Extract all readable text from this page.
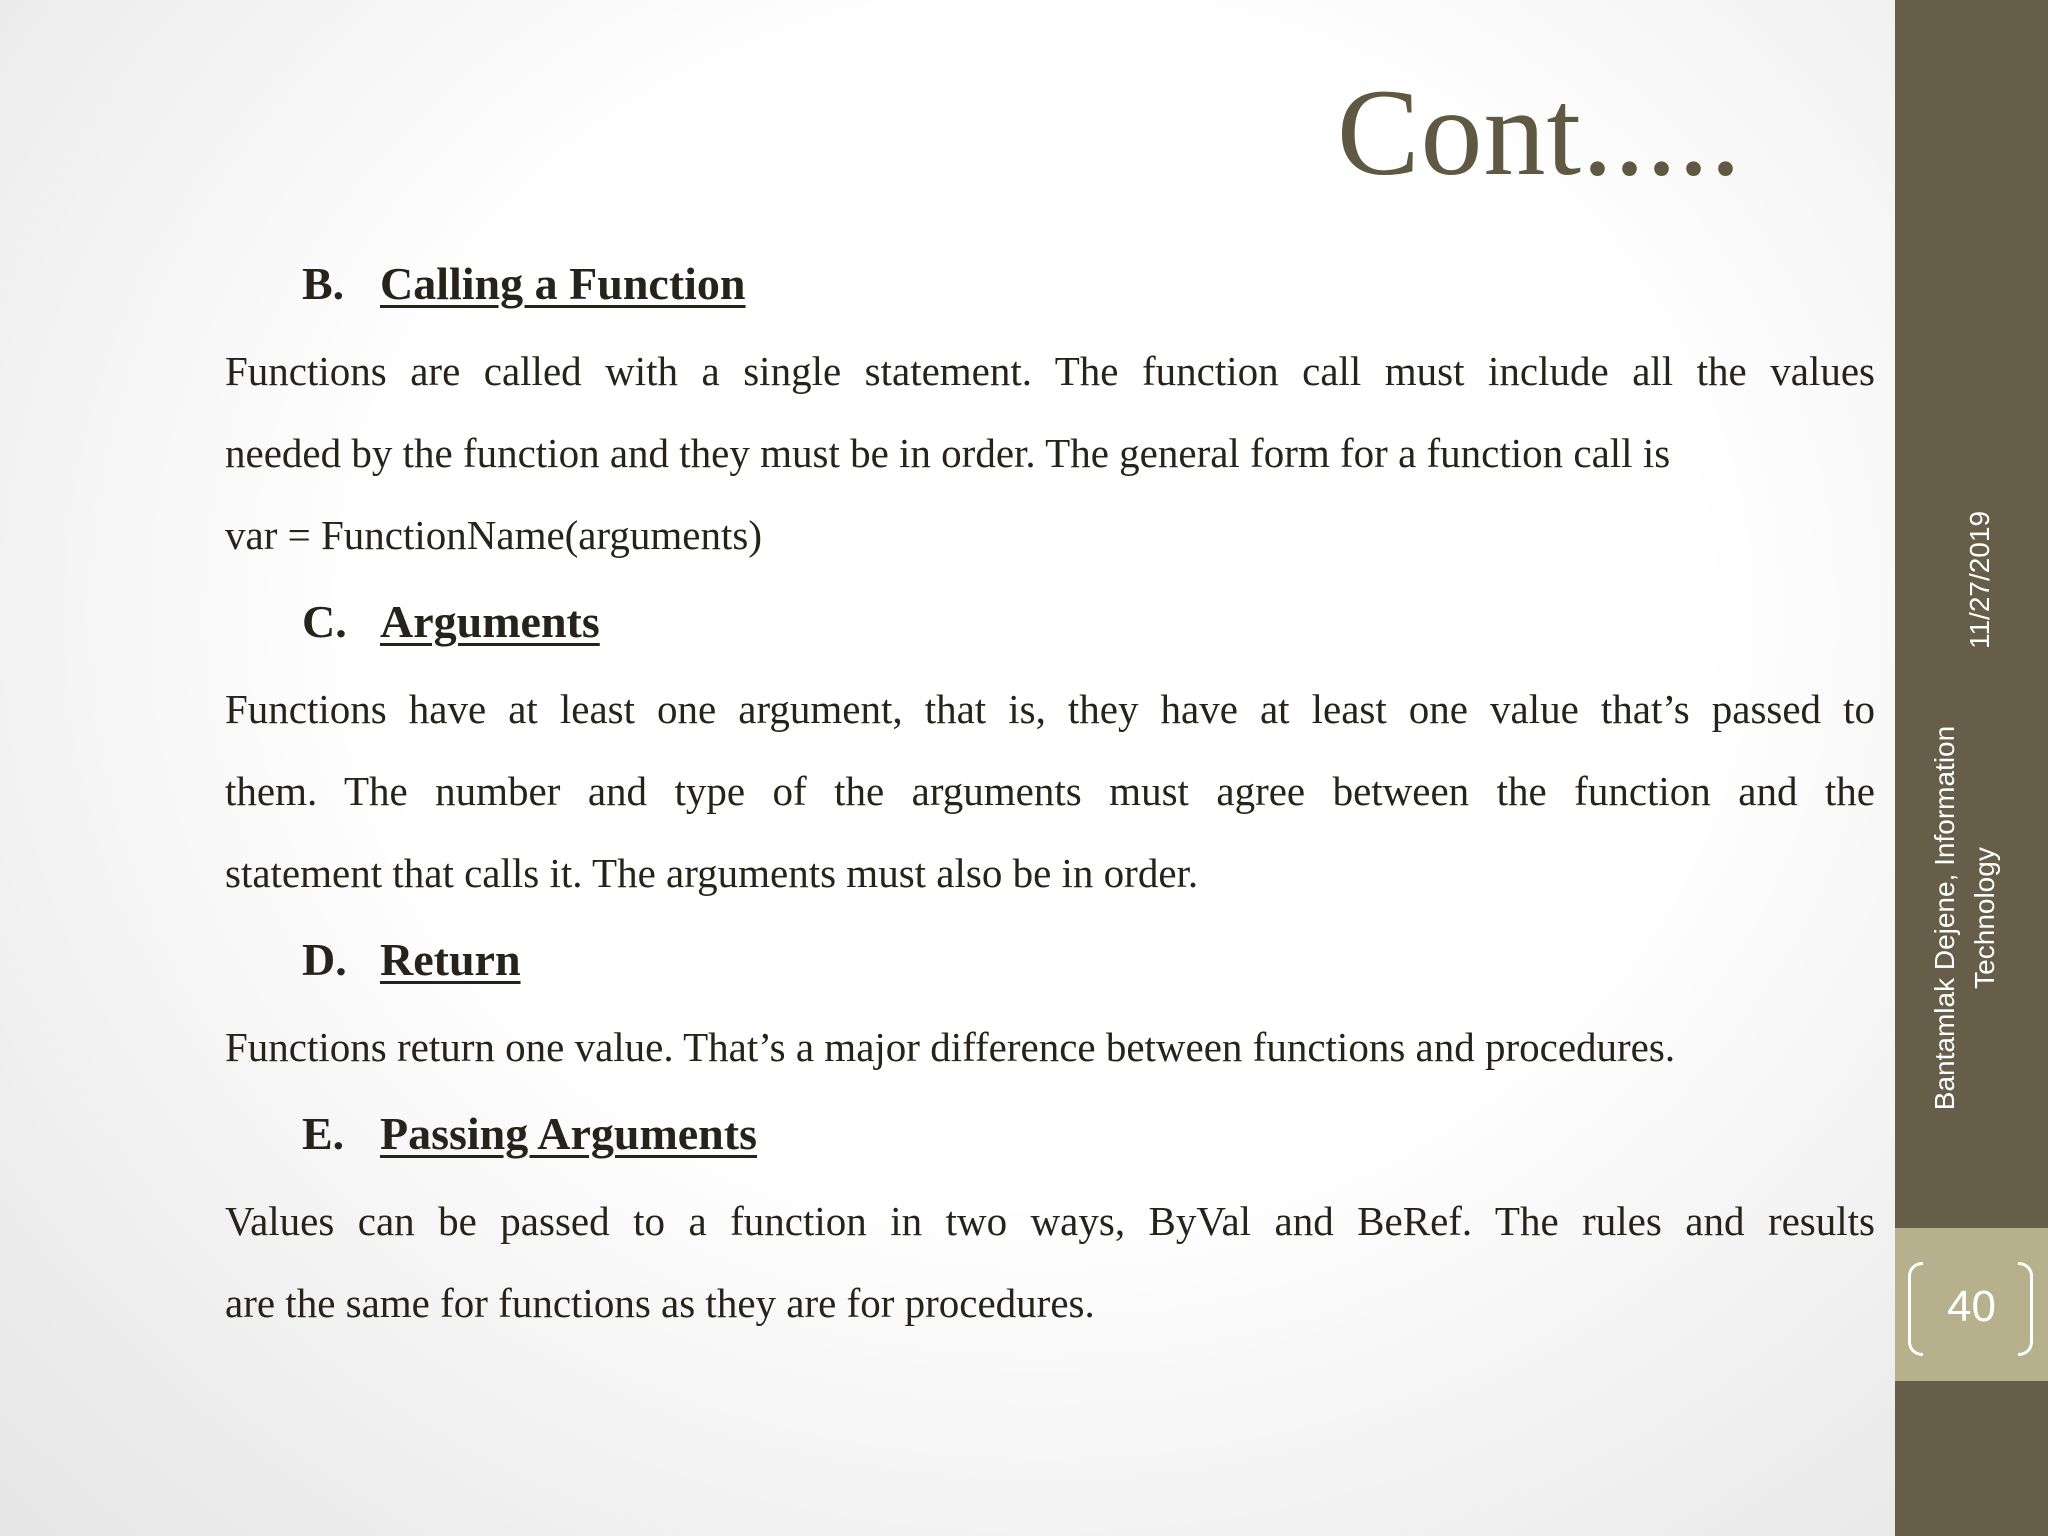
Cont.....
B. Calling a Function
Functions are called with a single statement. The function call must include all the values
needed by the function and they must be in order. The general form for a function call is
var = FunctionName(arguments)
C. Arguments
Functions have at least one argument, that is, they have at least one value that’s passed to
them. The number and type of the arguments must agree between the function and the
statement that calls it. The arguments must also be in order.
D. Return
Functions return one value. That’s a major difference between functions and procedures.
E. Passing Arguments
Values can be passed to a function in two ways, ByVal and BeRef. The rules and results
are the same for functions as they are for procedures.
11/27/2019
Bantamlak Dejene, Information Technology
40
